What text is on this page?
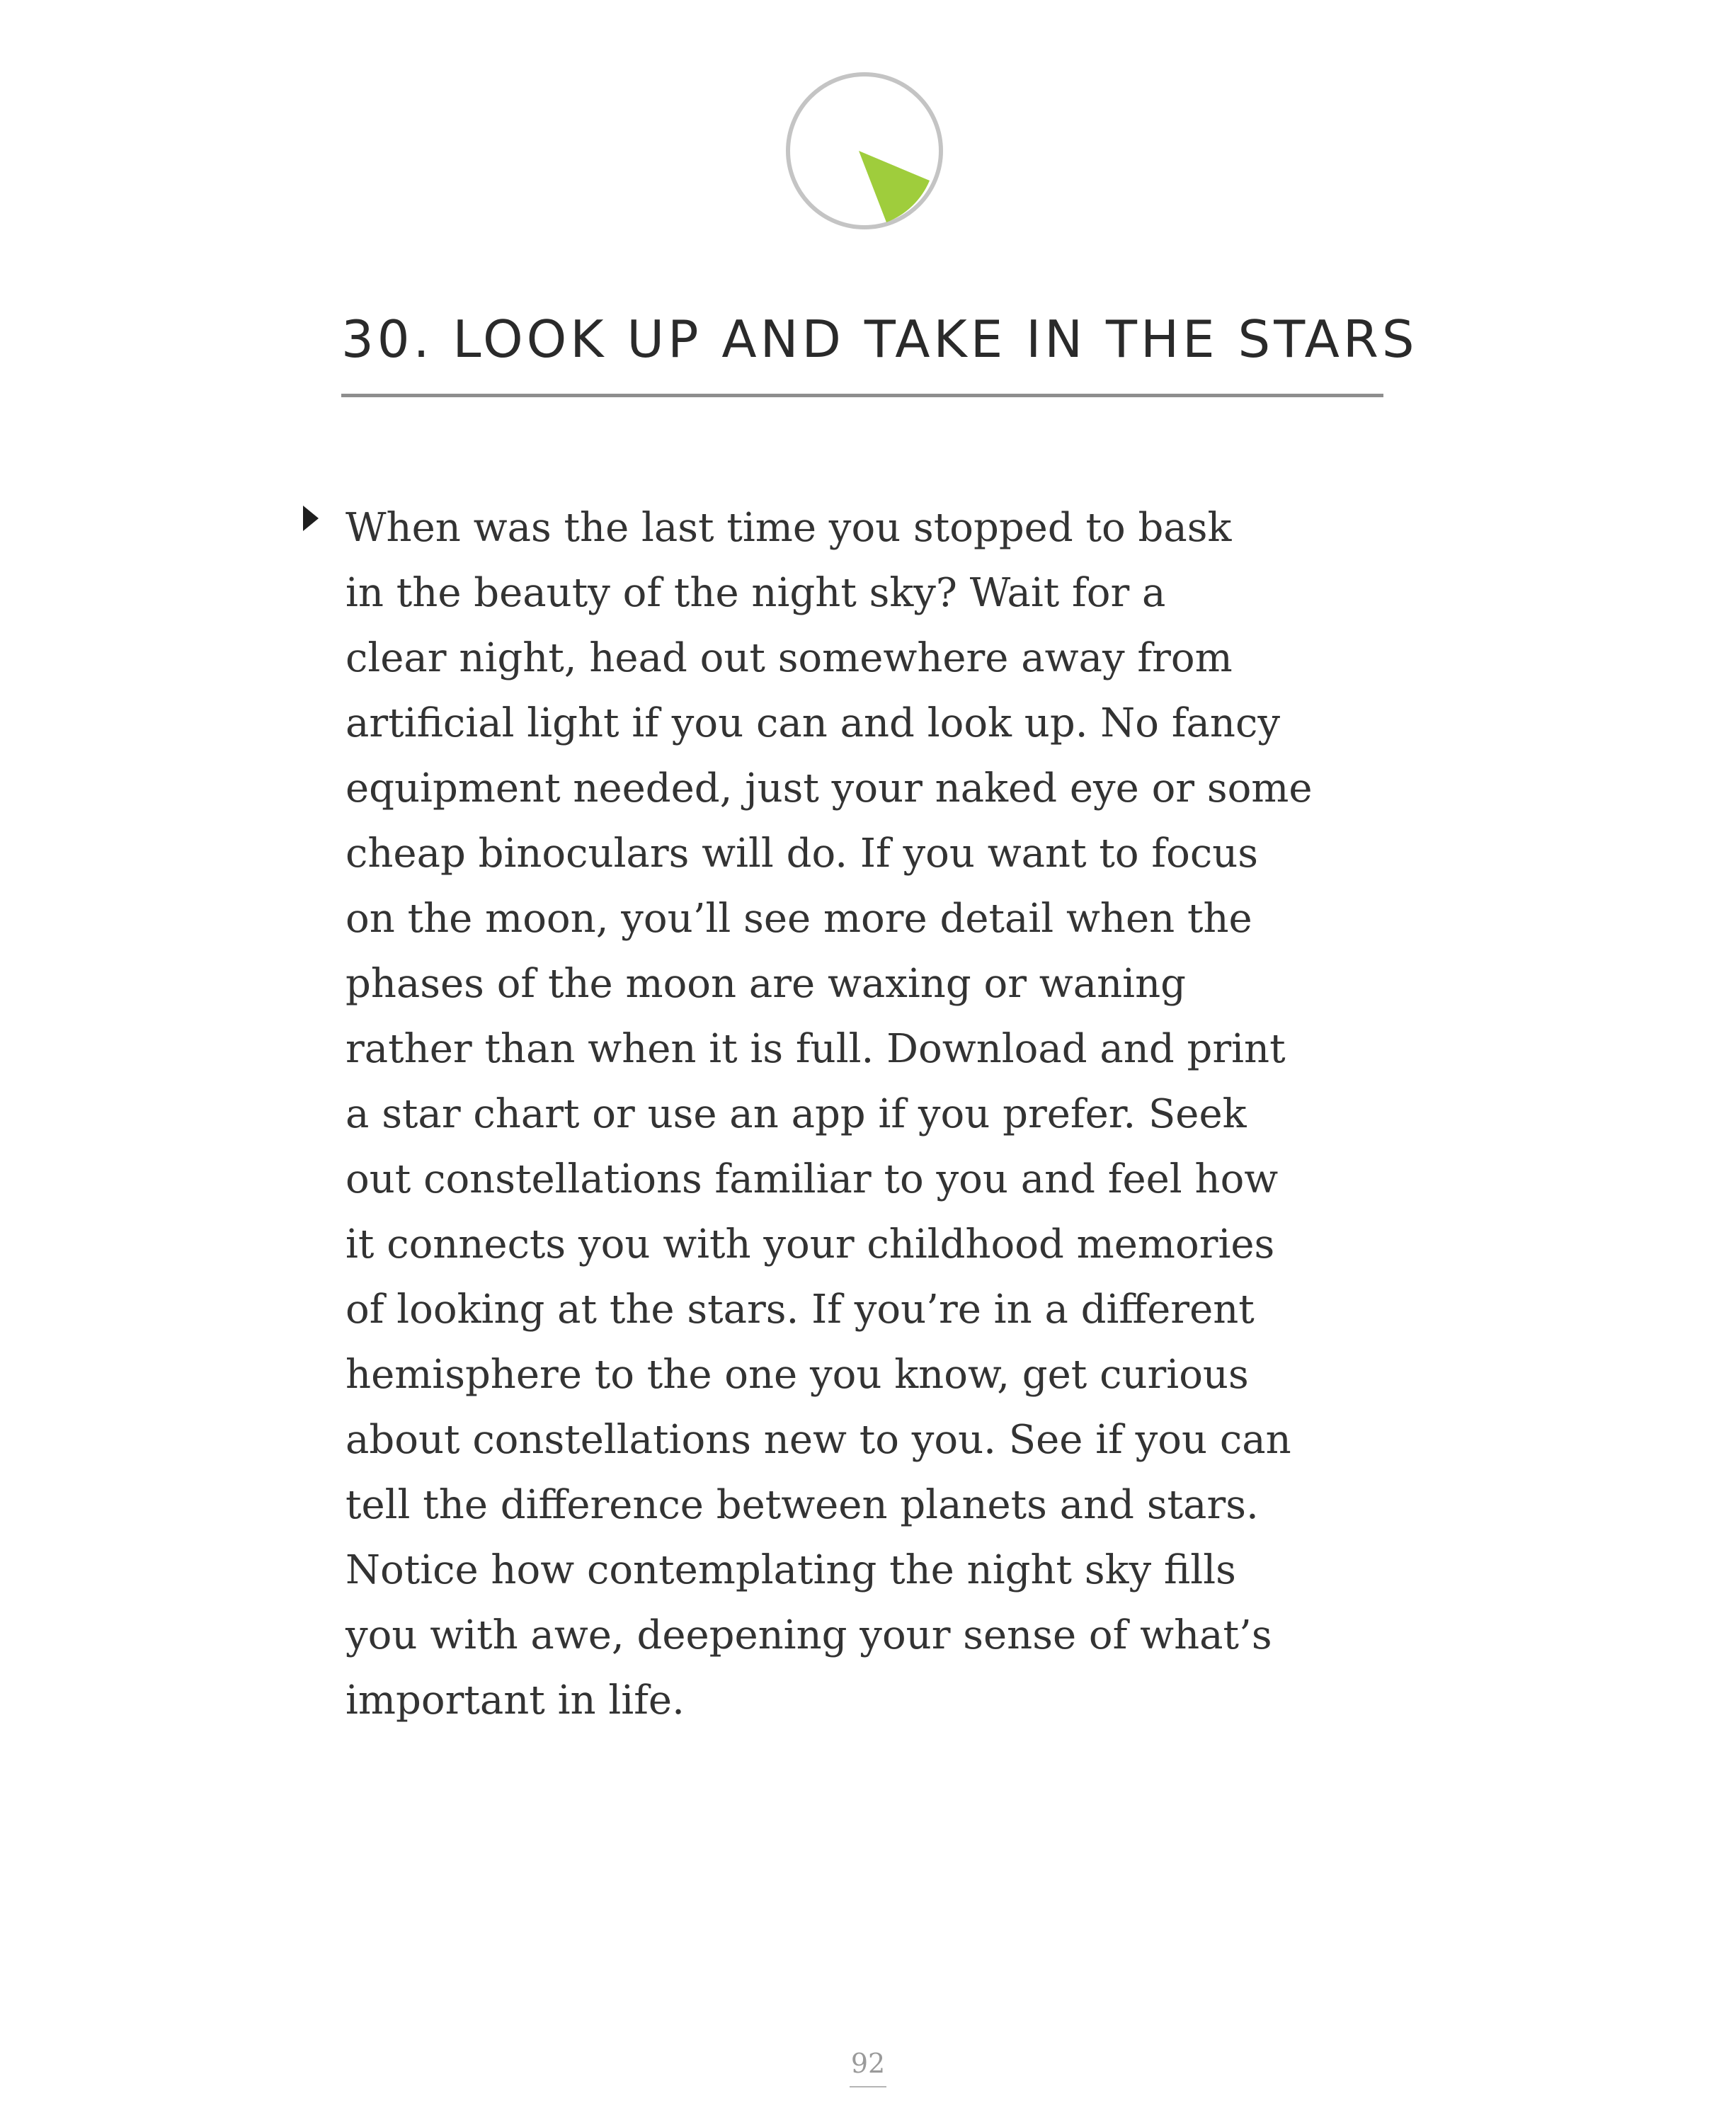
30. LOOK UP AND TAKE IN THE STARS
When was the last time you stopped to bask
in the beauty of the night sky? Wait for a
clear night, head out somewhere away from
artificial light if you can and look up. No fancy
equipment needed, just your naked eye or some
cheap binoculars will do. If you want to focus
on the moon, you’ll see more detail when the
phases of the moon are waxing or waning
rather than when it is full. Download and print
a star chart or use an app if you prefer. Seek
out constellations familiar to you and feel how
it connects you with your childhood memories
of looking at the stars. If you’re in a different
hemisphere to the one you know, get curious
about constellations new to you. See if you can
tell the difference between planets and stars.
Notice how contemplating the night sky fills
you with awe, deepening your sense of what’s
important in life.
92
